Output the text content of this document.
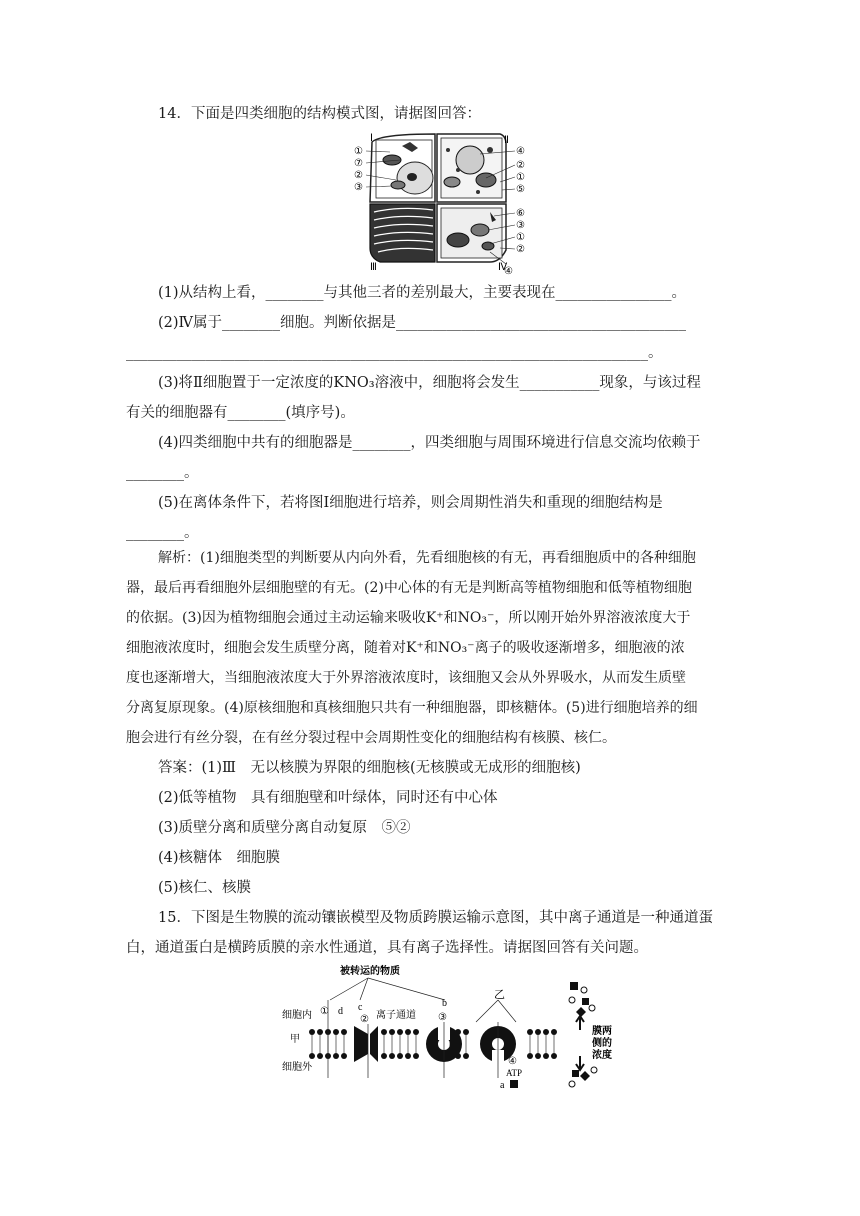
14．下面是四类细胞的结构模式图，请据图回答：
Ⅰ	Ⅱ
Ⅲ	Ⅳ
①
⑦
②
③
④
②
①
⑤
⑥
③
①
②
④
(1)从结构上看，________与其他三者的差别最大，主要表现在________________。
(2)Ⅳ属于________细胞。判断依据是________________________________________
________________________________________________________________________。
(3)将Ⅱ细胞置于一定浓度的KNO₃溶液中，细胞将会发生___________现象，与该过程
有关的细胞器有________(填序号)。
(4)四类细胞中共有的细胞器是________，四类细胞与周围环境进行信息交流均依赖于
________。
(5)在离体条件下，若将图Ⅰ细胞进行培养，则会周期性消失和重现的细胞结构是
________。
解析：(1)细胞类型的判断要从内向外看，先看细胞核的有无，再看细胞质中的各种细胞
器，最后再看细胞外层细胞壁的有无。(2)中心体的有无是判断高等植物细胞和低等植物细胞
的依据。(3)因为植物细胞会通过主动运输来吸收K⁺和NO₃⁻，所以刚开始外界溶液浓度大于
细胞液浓度时，细胞会发生质壁分离，随着对K⁺和NO₃⁻离子的吸收逐渐增多，细胞液的浓
度也逐渐增大，当细胞液浓度大于外界溶液浓度时，该细胞又会从外界吸水，从而发生质壁
分离复原现象。(4)原核细胞和真核细胞只共有一种细胞器，即核糖体。(5)进行细胞培养的细
胞会进行有丝分裂，在有丝分裂过程中会周期性变化的细胞结构有核膜、核仁。
答案：(1)Ⅲ　无以核膜为界限的细胞核(无核膜或无成形的细胞核)
(2)低等植物　具有细胞壁和叶绿体，同时还有中心体
(3)质壁分离和质壁分离自动复原　⑤②
(4)核糖体　细胞膜
(5)核仁、核膜
15．下图是生物膜的流动镶嵌模型及物质跨膜运输示意图，其中离子通道是一种通道蛋
白，通道蛋白是横跨质膜的亲水性通道，具有离子选择性。请据图回答有关问题。
被转运的物质
细胞内
甲
细胞外
① d c
② 离子通道
b
③
乙
ATP
④
a
膜两侧的浓度
